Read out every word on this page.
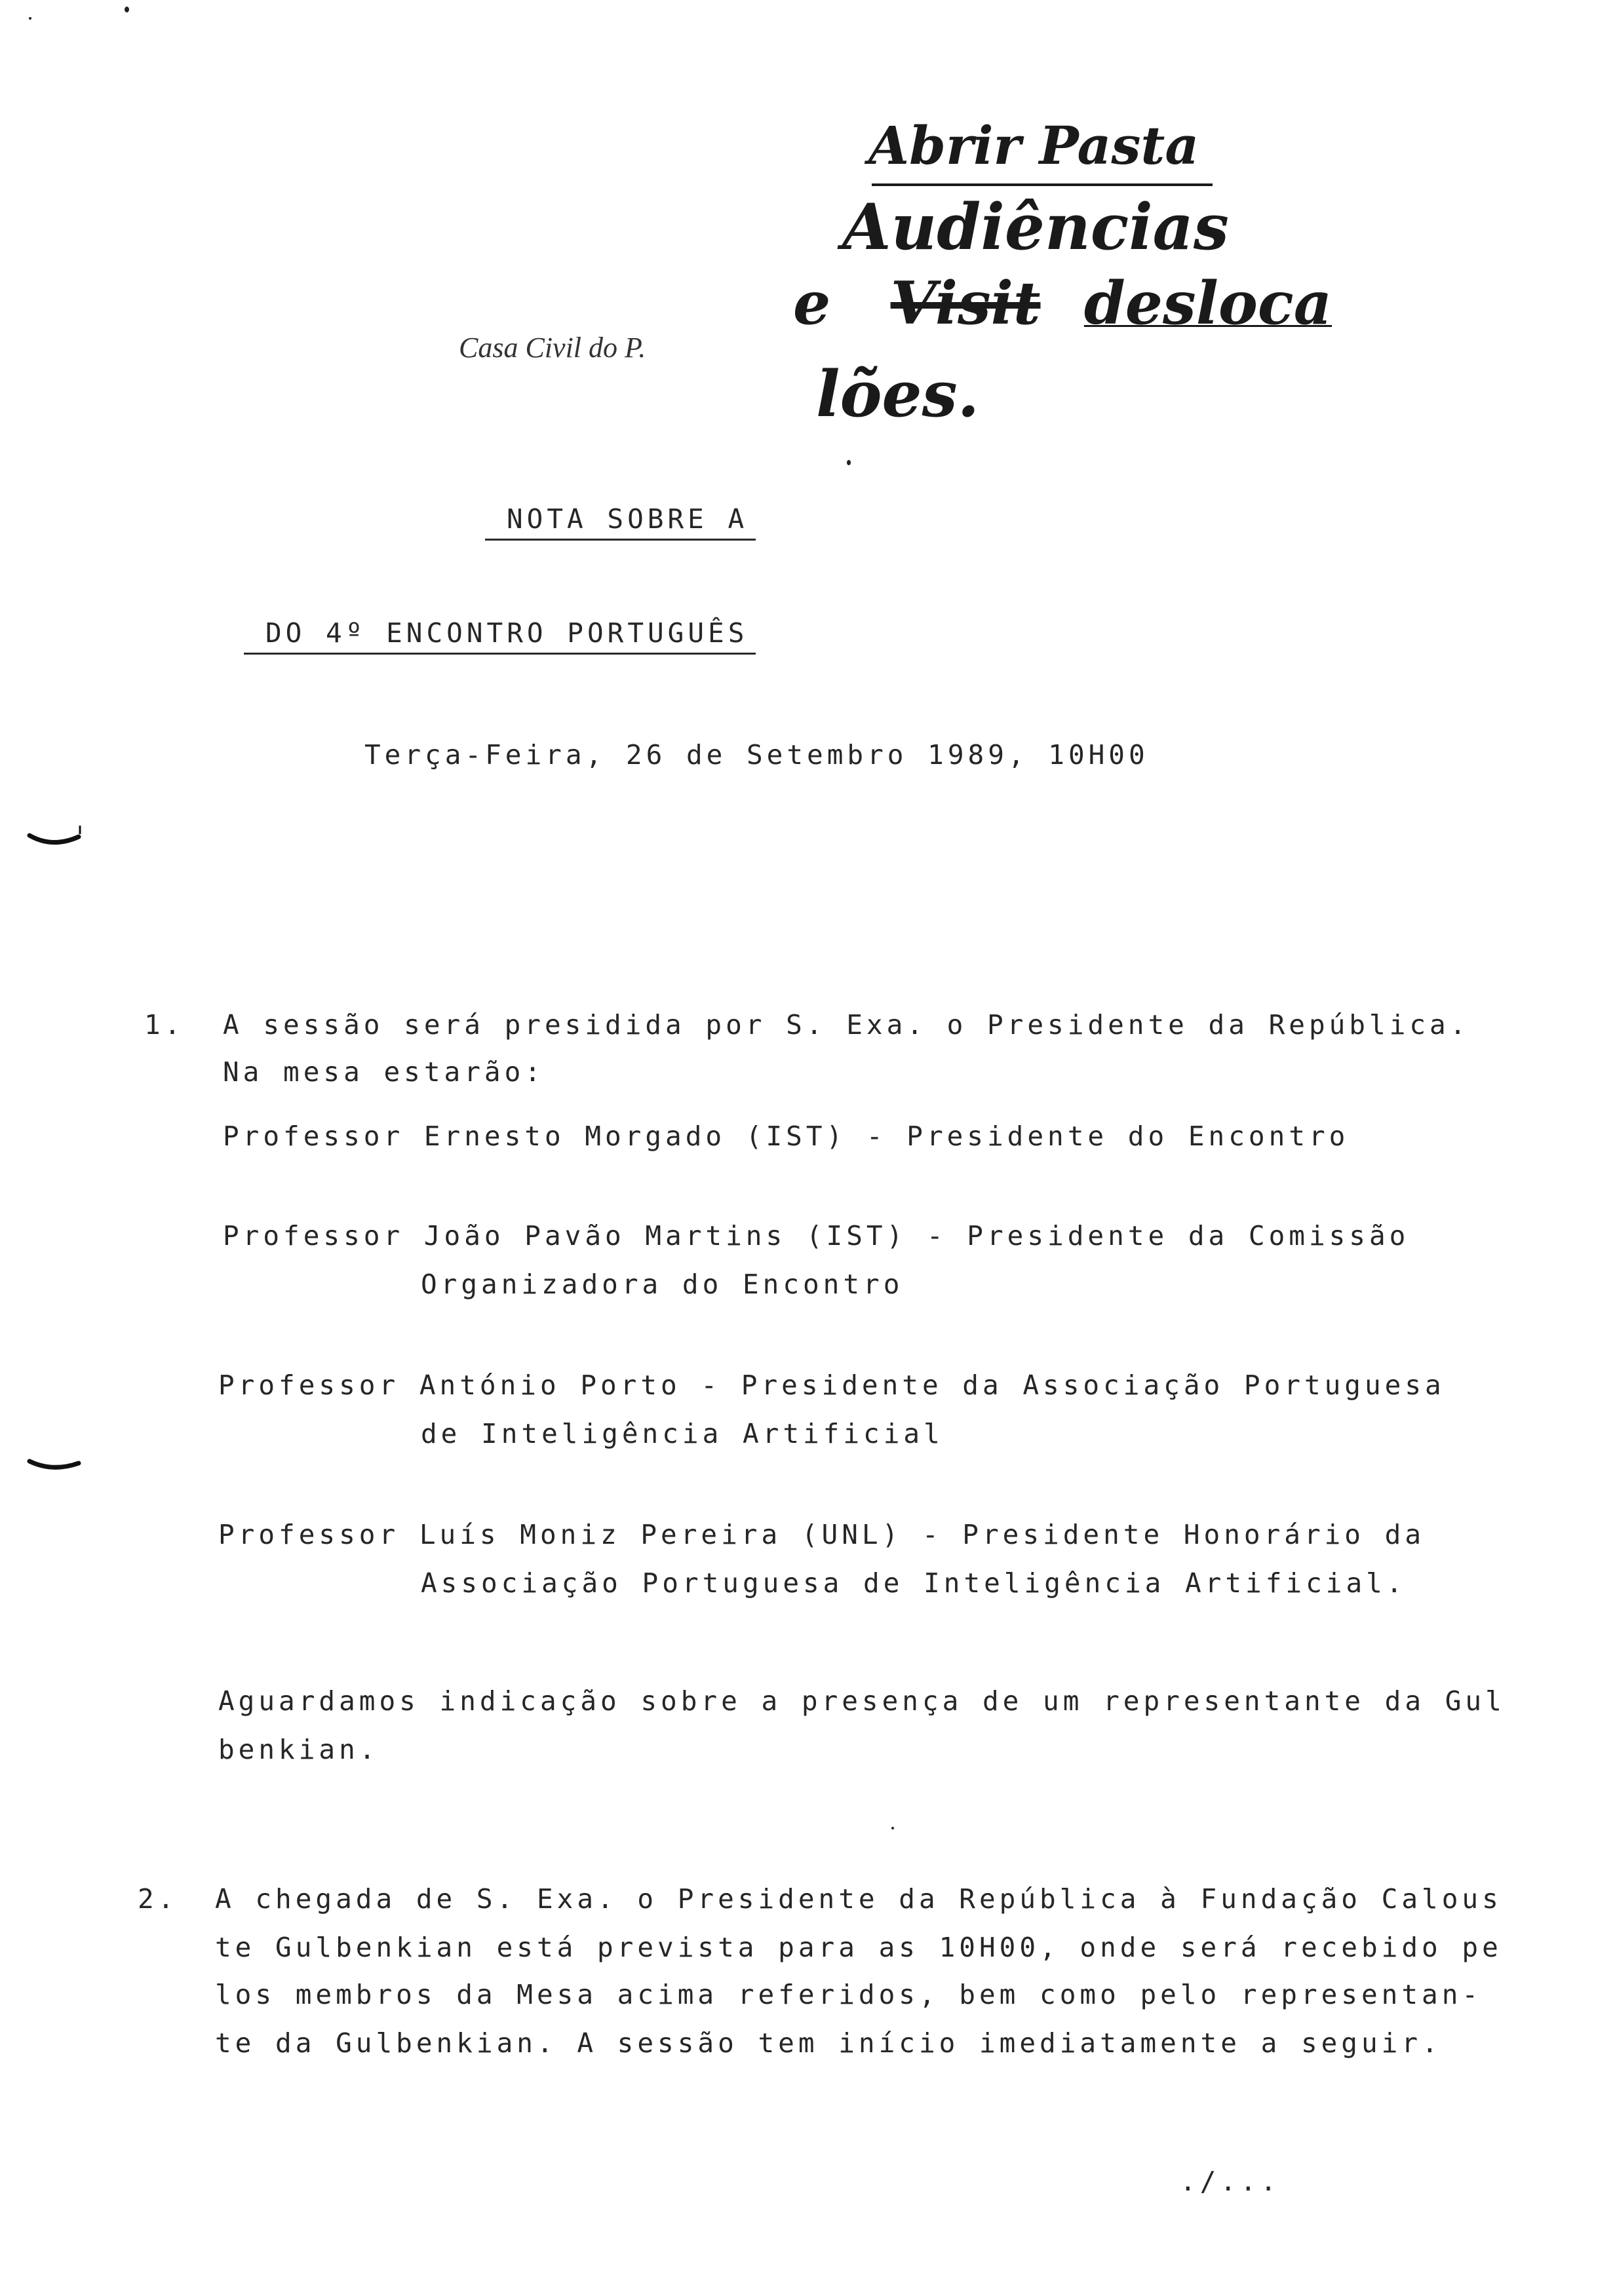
Abrir Pasta
Audiências
e Visit desloca
lões.
Casa Civil do P.
NOTA SOBRE A
DO 4º ENCONTRO PORTUGUÊS
Terça-Feira, 26 de Setembro 1989, 10H00
1. A sessão será presidida por S. Exa. o Presidente da República.
Na mesa estarão:
Professor Ernesto Morgado (IST) - Presidente do Encontro
Professor João Pavão Martins (IST) - Presidente da Comissão
Organizadora do Encontro
Professor António Porto - Presidente da Associação Portuguesa
de Inteligência Artificial
Professor Luís Moniz Pereira (UNL) - Presidente Honorário da
Associação Portuguesa de Inteligência Artificial.
Aguardamos indicação sobre a presença de um representante da Gul
benkian.
2. A chegada de S. Exa. o Presidente da República à Fundação Calous
te Gulbenkian está prevista para as 10H00, onde será recebido pe
los membros da Mesa acima referidos, bem como pelo representan-
te da Gulbenkian. A sessão tem início imediatamente a seguir.
./...
